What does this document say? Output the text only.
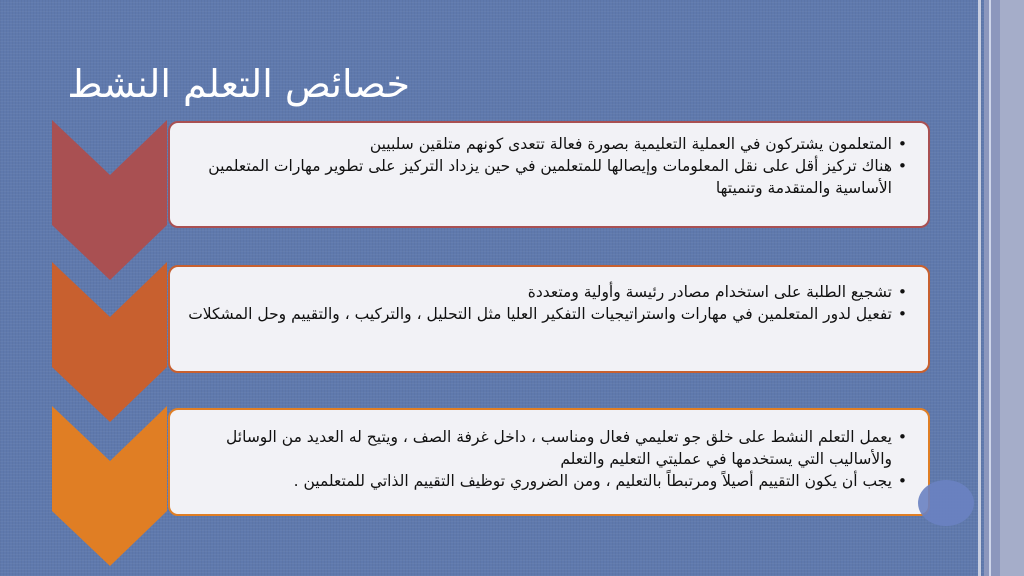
خصائص التعلم النشط
• المتعلمون يشتركون في العملية التعليمية بصورة فعالة تتعدى كونهم متلقين سلبيين
• هناك تركيز أقل على نقل المعلومات وإيصالها للمتعلمين في حين يزداد التركيز على تطوير مهارات المتعلمين الأساسية والمتقدمة وتنميتها
• تشجيع الطلبة على استخدام مصادر رئيسة وأولية ومتعددة
• تفعيل لدور المتعلمين في مهارات واستراتيجيات التفكير العليا مثل التحليل ، والتركيب ، والتقييم وحل المشكلات
• يعمل التعلم النشط على خلق جو تعليمي فعال ومناسب ، داخل غرفة الصف ، ويتيح له العديد من الوسائل والأساليب التي يستخدمها في عمليتي التعليم والتعلم
• يجب أن يكون التقييم أصيلاً ومرتبطاً بالتعليم ، ومن الضروري توظيف التقييم الذاتي للمتعلمين .
